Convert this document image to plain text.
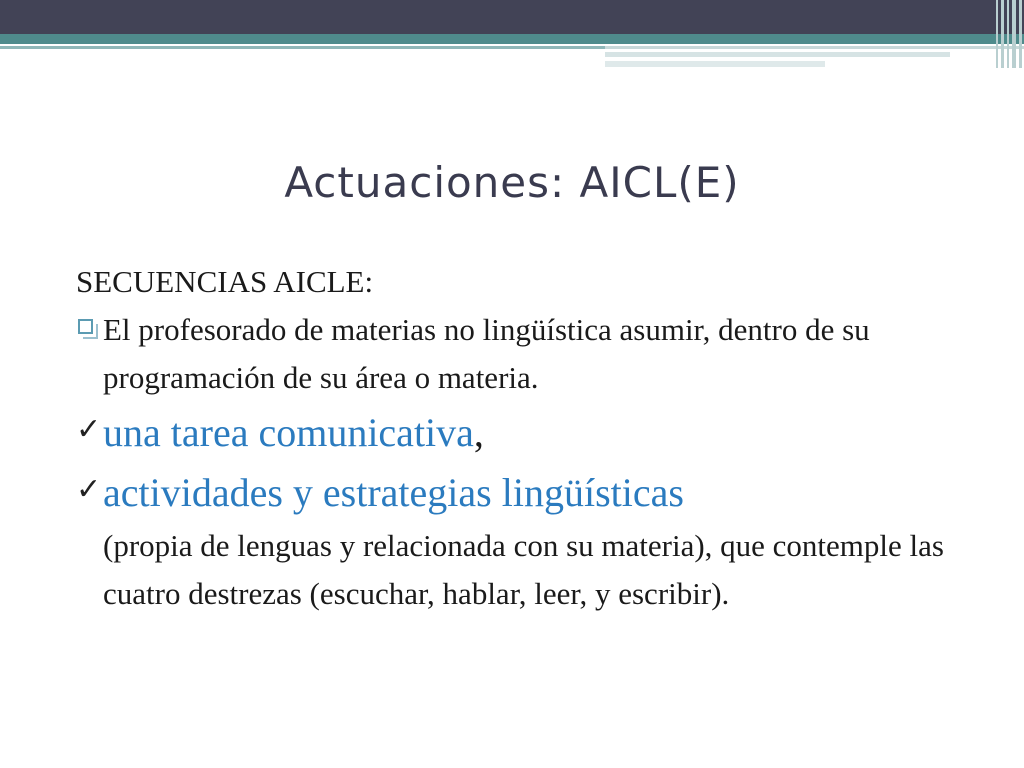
Actuaciones: AICL(E)

SECUENCIAS AICLE:

El profesorado de materias no lingüística asumir, dentro de su programación de su área o materia.
✓ una tarea comunicativa,
✓ actividades y estrategias lingüísticas
(propia de lenguas y relacionada con su materia), que contemple las cuatro destrezas (escuchar, hablar, leer, y escribir).
